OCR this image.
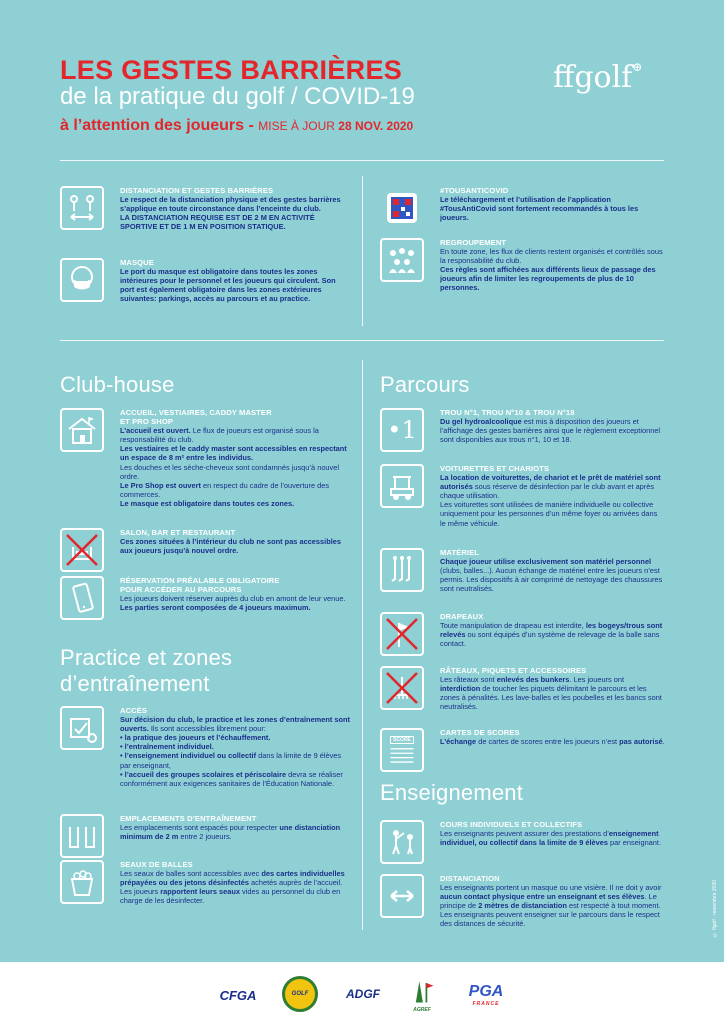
LES GESTES BARRIÈRES
de la pratique du golf / COVID-19
à l’attention des joueurs - MISE À JOUR 28 NOV. 2020
ffgolf⊕
DISTANCIATION ET GESTES BARRIÈRES

Le respect de la distanciation physique et des gestes barrières s’applique en toute circonstance dans l’enceinte du club.

LA DISTANCIATION REQUISE EST DE 2 M EN ACTIVITÉ SPORTIVE ET DE 1 M EN POSITION STATIQUE.

MASQUE

Le port du masque est obligatoire dans toutes les zones intérieures pour le personnel et les joueurs qui circulent. Son port est également obligatoire dans les zones extérieures suivantes: parkings, accès au parcours et au practice.

#TOUSANTICOVID

Le téléchargement et l’utilisation de l’application #TousAntiCovid sont fortement recommandés à tous les joueurs.

REGROUPEMENT

En toute zone, les flux de clients restent organisés et contrôlés sous la responsabilité du club.

Ces règles sont affichées aux différents lieux de passage des joueurs afin de limiter les regroupements de plus de 10 personnes.

Club-house
ACCUEIL, VESTIAIRES, CADDY MASTER
ET PRO SHOP

L’accueil est ouvert. Le flux de joueurs est organisé sous la responsabilité du club.

Les vestiaires et le caddy master sont accessibles en respectant un espace de 8 m² entre les individus.

Les douches et les sèche-cheveux sont condamnés jusqu’à nouvel ordre.

Le Pro Shop est ouvert en respect du cadre de l’ouverture des commerces.

Le masque est obligatoire dans toutes ces zones.

SALON, BAR ET RESTAURANT

Ces zones situées à l’intérieur du club ne sont pas accessibles aux joueurs jusqu’à nouvel ordre.

RÉSERVATION PRÉALABLE OBLIGATOIRE
POUR ACCÉDER AU PARCOURS

Les joueurs doivent réserver auprès du club en amont de leur venue. Les parties seront composées de 4 joueurs maximum.

Practice et zones
d’entraînement
ACCÈS

Sur décision du club, le practice et les zones d’entraînement sont ouverts. Ils sont accessibles librement pour:

• la pratique des joueurs et l’échauffement.

• l’entraînement individuel.

• l’enseignement individuel ou collectif dans la limite de 9 élèves par enseignant,

• l’accueil des groupes scolaires et périscolaire devra se réaliser conformément aux exigences sanitaires de l’Éducation Nationale.

EMPLACEMENTS D’ENTRAÎNEMENT

Les emplacements sont espacés pour respecter une distanciation minimum de 2 m entre 2 joueurs.

SEAUX DE BALLES

Les seaux de balles sont accessibles avec des cartes individuelles prépayées ou des jetons désinfectés achetés auprès de l’accueil. Les joueurs rapportent leurs seaux vides au personnel du club en charge de les désinfecter.

Parcours
•1
TROU N°1, TROU N°10 & TROU N°18

Du gel hydroalcoolique est mis à disposition des joueurs et l’affichage des gestes barrières ainsi que le règlement exceptionnel sont disponibles aux trous n°1, 10 et 18.

VOITURETTES ET CHARIOTS

La location de voiturettes, de chariot et le prêt de matériel sont autorisés sous réserve de désinfection par le club avant et après chaque utilisation.

Les voiturettes sont utilisées de manière individuelle ou collective uniquement pour les personnes d’un même foyer ou arrivées dans le même véhicule.

MATÉRIEL

Chaque joueur utilise exclusivement son matériel personnel (clubs, balles...). Aucun échange de matériel entre les joueurs n’est permis. Les dispositifs à air comprimé de nettoyage des chaussures sont neutralisés.

DRAPEAUX

Toute manipulation de drapeau est interdite, les bogeys/trous sont relevés ou sont équipés d’un système de relevage de la balle sans contact.

RÂTEAUX, PIQUETS ET ACCESSOIRES

Les râteaux sont enlevés des bunkers. Les joueurs ont interdiction de toucher les piquets délimitant le parcours et les zones à pénalités. Les lave-balles et les poubelles et les bancs sont neutralisés.

SCORE
CARTES DE SCORES

L’échange de cartes de scores entre les joueurs n’est pas autorisé.

Enseignement
COURS INDIVIDUELS ET COLLECTIFS

Les enseignants peuvent assurer des prestations d’enseignement individuel, ou collectif dans la limite de 9 élèves par enseignant.

DISTANCIATION

Les enseignants portent un masque ou une visière. Il ne doit y avoir aucun contact physique entre un enseignant et ses élèves. Le principe de 2 mètres de distanciation est respecté à tout moment. Les enseignants peuvent enseigner sur le parcours dans le respect des distances de sécurité.	© ffgolf · novembre 2020
CFGA	GOLF	ADGF
AGREF
PGA
FRANCE
